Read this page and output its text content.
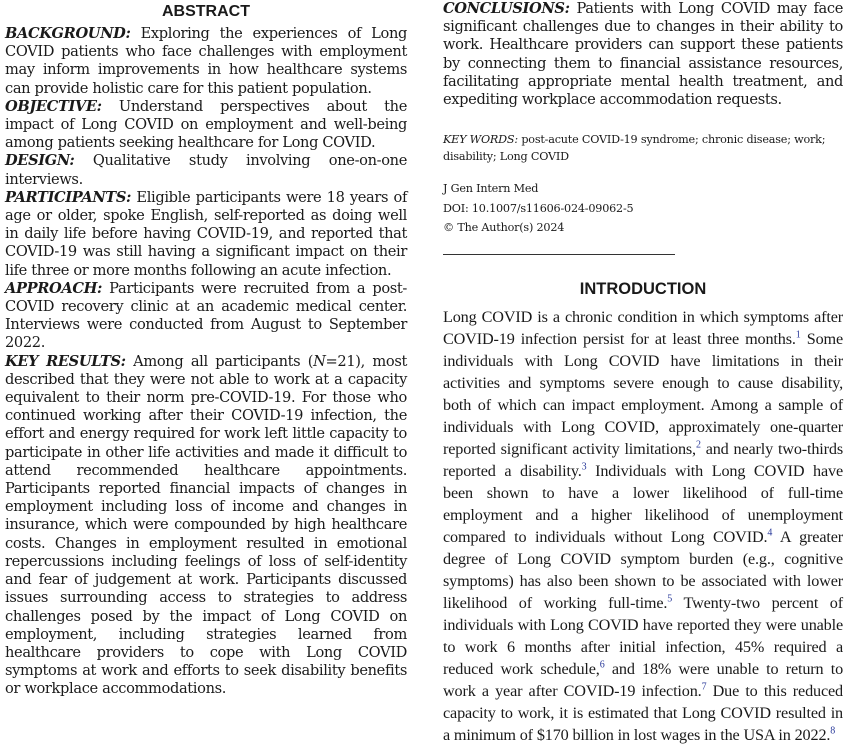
ABSTRACT

BACKGROUND: Exploring the experiences of Long COVID patients who face challenges with employment may inform improvements in how healthcare systems can provide holistic care for this patient population.

OBJECTIVE: Understand perspectives about the impact of Long COVID on employment and well-being among patients seeking healthcare for Long COVID.

DESIGN: Qualitative study involving one-on-one interviews.

PARTICIPANTS: Eligible participants were 18 years of age or older, spoke English, self-reported as doing well in daily life before having COVID-19, and reported that COVID-19 was still having a significant impact on their life three or more months following an acute infection.

APPROACH: Participants were recruited from a post-COVID recovery clinic at an academic medical center. Interviews were conducted from August to September 2022.

KEY RESULTS: Among all participants (N=21), most described that they were not able to work at a capacity equivalent to their norm pre-COVID-19. For those who continued working after their COVID-19 infection, the effort and energy required for work left little capacity to participate in other life activities and made it difficult to attend recommended healthcare appointments. Participants reported financial impacts of changes in employment including loss of income and changes in insurance, which were compounded by high healthcare costs. Changes in employment resulted in emotional repercussions including feelings of loss of self-identity and fear of judgement at work. Participants discussed issues surrounding access to strategies to address challenges posed by the impact of Long COVID on employment, including strategies learned from healthcare providers to cope with Long COVID symptoms at work and efforts to seek disability benefits or workplace accommodations.

CONCLUSIONS: Patients with Long COVID may face significant challenges due to changes in their ability to work. Healthcare providers can support these patients by connecting them to financial assistance resources, facilitating appropriate mental health treatment, and expediting workplace accommodation requests.

KEY WORDS: post-acute COVID-19 syndrome; chronic disease; work; disability; Long COVID

J Gen Intern Med
DOI: 10.1007/s11606-024-09062-5
© The Author(s) 2024
INTRODUCTION

Long COVID is a chronic condition in which symptoms after COVID-19 infection persist for at least three months.$^1$ Some individuals with Long COVID have limitations in their activities and symptoms severe enough to cause disability, both of which can impact employment. Among a sample of individuals with Long COVID, approximately one-quarter reported significant activity limitations,$^2$ and nearly two-thirds reported a disability.$^3$ Individuals with Long COVID have been shown to have a lower likelihood of full-time employment and a higher likelihood of unemployment compared to individuals without Long COVID.$^4$ A greater degree of Long COVID symptom burden (e.g., cognitive symptoms) has also been shown to be associated with lower likelihood of working full-time.$^5$ Twenty-two percent of individuals with Long COVID have reported they were unable to work 6 months after initial infection, 45% required a reduced work schedule,$^6$ and 18% were unable to return to work a year after COVID-19 infection.$^7$ Due to this reduced capacity to work, it is estimated that Long COVID resulted in a minimum of $170 billion in lost wages in the USA in 2022.$^8$
